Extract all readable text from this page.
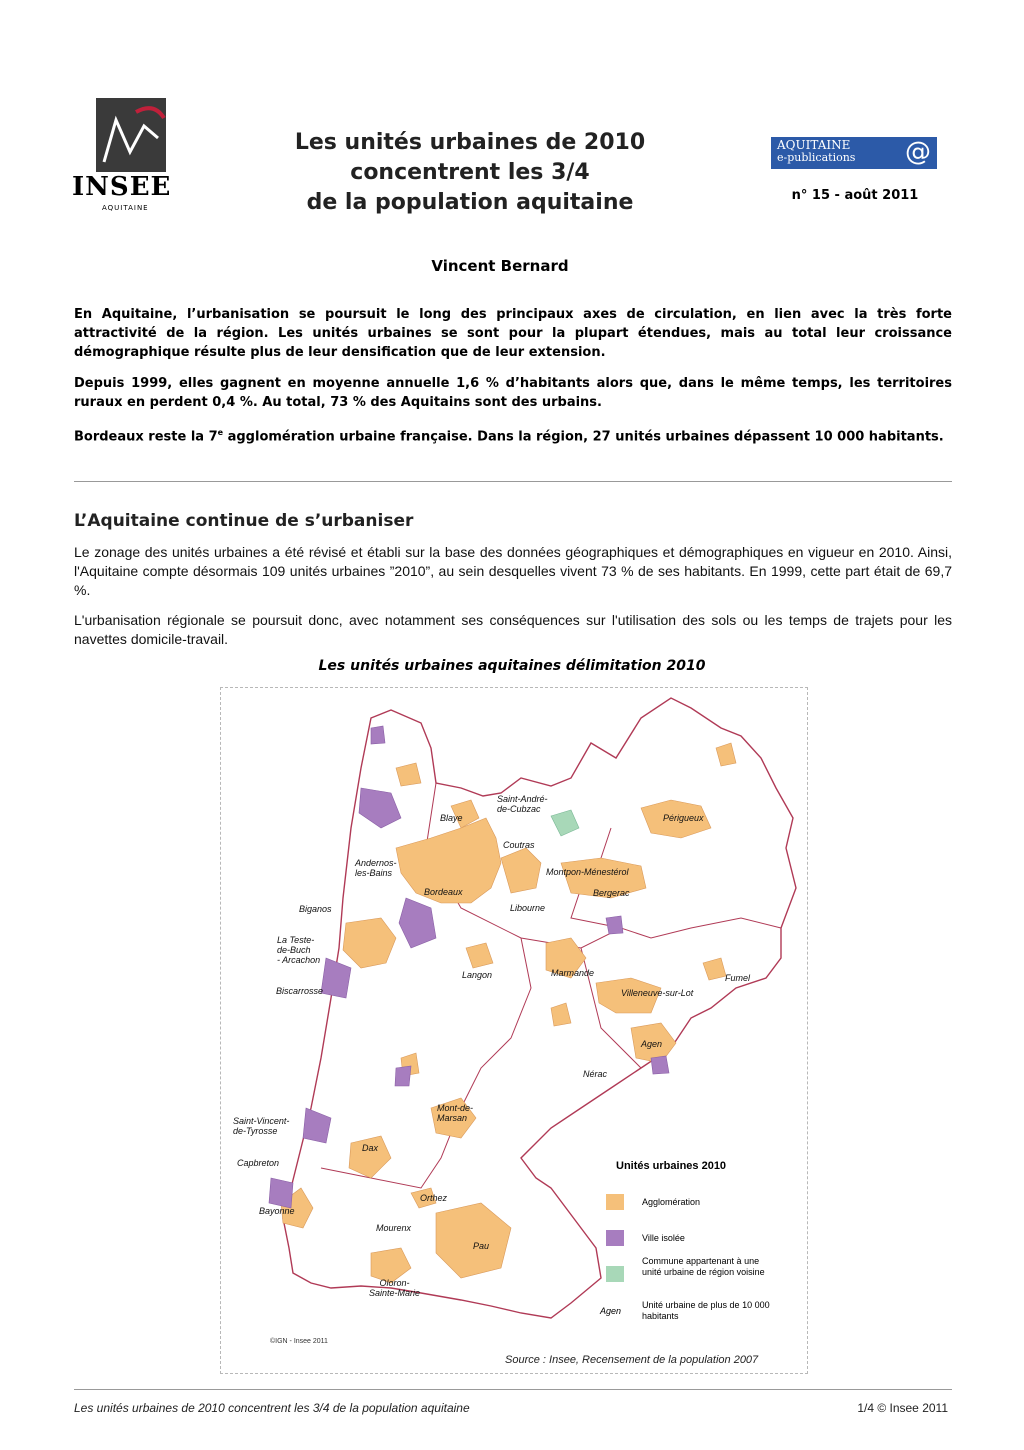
INSEE
AQUITAINE
Les unités urbaines de 2010
concentrent les 3/4
de la population aquitaine
AQUITAINE
e-publications @
n° 15 - août 2011
Vincent Bernard
En Aquitaine, l’urbanisation se poursuit le long des principaux axes de circulation, en lien avec la très forte attractivité de la région. Les unités urbaines se sont pour la plupart étendues, mais au total leur croissance démographique résulte plus de leur densification que de leur extension.
Depuis 1999, elles gagnent en moyenne annuelle 1,6 % d’habitants alors que, dans le même temps, les territoires ruraux en perdent 0,4 %. Au total, 73 % des Aquitains sont des urbains.
Bordeaux reste la 7e agglomération urbaine française. Dans la région, 27 unités urbaines dépassent 10 000 habitants.
L’Aquitaine continue de s’urbaniser
Le zonage des unités urbaines a été révisé et établi sur la base des données géographiques et démographiques en vigueur en 2010. Ainsi, l'Aquitaine compte désormais 109 unités urbaines ”2010”, au sein desquelles vivent 73 % de ses habitants. En 1999, cette part était de 69,7 %.
L'urbanisation régionale se poursuit donc, avec notamment ses conséquences sur l'utilisation des sols ou les temps de trajets pour les navettes domicile-travail.
Les unités urbaines aquitaines délimitation 2010
Saint-André-
de-Cubzac
Blaye	Périgueux
Coutras
Andernos-
les-Bains	Montpon-Ménestérol
Bordeaux	Bergerac
Libourne
Biganos
La Teste-
de-Buch
- Arcachon
Langon	Marmande	Fumel
Villeneuve-sur-Lot
Biscarrosse
Agen
Nérac
Mont-de-
Marsan
Saint-Vincent-
de-Tyrosse
Dax
Capbreton
Orthez
Bayonne
Mourenx
Pau
Oloron-
Sainte-Marie
Unités urbaines 2010
Agglomération
Ville isolée
Commune appartenant à une unité urbaine de région voisine
Agen
Unité urbaine de plus de 10 000 habitants
©IGN - Insee 2011
Source : Insee, Recensement de la population 2007
Les unités urbaines de 2010 concentrent les 3/4 de la population aquitaine	1/4 © Insee 2011
